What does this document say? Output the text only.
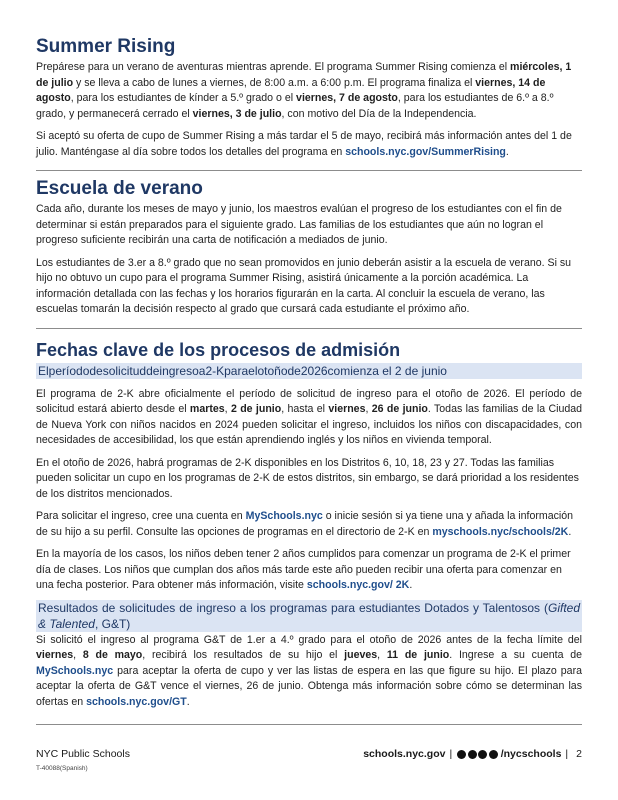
Summer Rising

Prepárese para un verano de aventuras mientras aprende. El programa Summer Rising comienza el miércoles, 1 de julio y se lleva a cabo de lunes a viernes, de 8:00 a.m. a 6:00 p.m. El programa finaliza el viernes, 14 de agosto, para los estudiantes de kínder a 5.º grado o el viernes, 7 de agosto, para los estudiantes de 6.º a 8.º grado, y permanecerá cerrado el viernes, 3 de julio, con motivo del Día de la Independencia.

Si aceptó su oferta de cupo de Summer Rising a más tardar el 5 de mayo, recibirá más información antes del 1 de julio. Manténgase al día sobre todos los detalles del programa en schools.nyc.gov/SummerRising.

Escuela de verano

Cada año, durante los meses de mayo y junio, los maestros evalúan el progreso de los estudiantes con el fin de determinar si están preparados para el siguiente grado. Las familias de los estudiantes que aún no logran el progreso suficiente recibirán una carta de notificación a mediados de junio.

Los estudiantes de 3.er a 8.º grado que no sean promovidos en junio deberán asistir a la escuela de verano. Si su hijo no obtuvo un cupo para el programa Summer Rising, asistirá únicamente a la porción académica. La información detallada con las fechas y los horarios figurarán en la carta. Al concluir la escuela de verano, las escuelas tomarán la decisión respecto al grado que cursará cada estudiante el próximo año.

Fechas clave de los procesos de admisión
Elperíododesolicituddeingresoa2-Kparaelotoñode2026comienza el 2 de junio

El programa de 2-K abre oficialmente el período de solicitud de ingreso para el otoño de 2026. El período de solicitud estará abierto desde el martes, 2 de junio, hasta el viernes, 26 de junio. Todas las familias de la Ciudad de Nueva York con niños nacidos en 2024 pueden solicitar el ingreso, incluidos los niños con discapacidades, con necesidades de accesibilidad, los que están aprendiendo inglés y los niños en vivienda temporal.

En el otoño de 2026, habrá programas de 2-K disponibles en los Distritos 6, 10, 18, 23 y 27. Todas las familias pueden solicitar un cupo en los programas de 2-K de estos distritos, sin embargo, se dará prioridad a los residentes de los distritos mencionados.

Para solicitar el ingreso, cree una cuenta en MySchools.nyc o inicie sesión si ya tiene una y añada la información de su hijo a su perfil. Consulte las opciones de programas en el directorio de 2-K en myschools.nyc/schools/2K.

En la mayoría de los casos, los niños deben tener 2 años cumplidos para comenzar un programa de 2-K el primer día de clases. Los niños que cumplan dos años más tarde este año pueden recibir una oferta para comenzar en una fecha posterior. Para obtener más información, visite schools.nyc.gov/ 2K.

Resultados de solicitudes de ingreso a los programas para estudiantes Dotados y Talentosos (Gifted & Talented, G&T)

Si solicitó el ingreso al programa G&T de 1.er a 4.º grado para el otoño de 2026 antes de la fecha límite del viernes, 8 de mayo, recibirá los resultados de su hijo el jueves, 11 de junio. Ingrese a su cuenta de MySchools.nyc para aceptar la oferta de cupo y ver las listas de espera en las que figure su hijo. El plazo para aceptar la oferta de G&T vence el viernes, 26 de junio. Obtenga más información sobre cómo se determinan las ofertas en schools.nyc.gov/GT.

NYC Public Schools
T-40088(Spanish)
schools.nyc.gov |	/nycschools | 2
